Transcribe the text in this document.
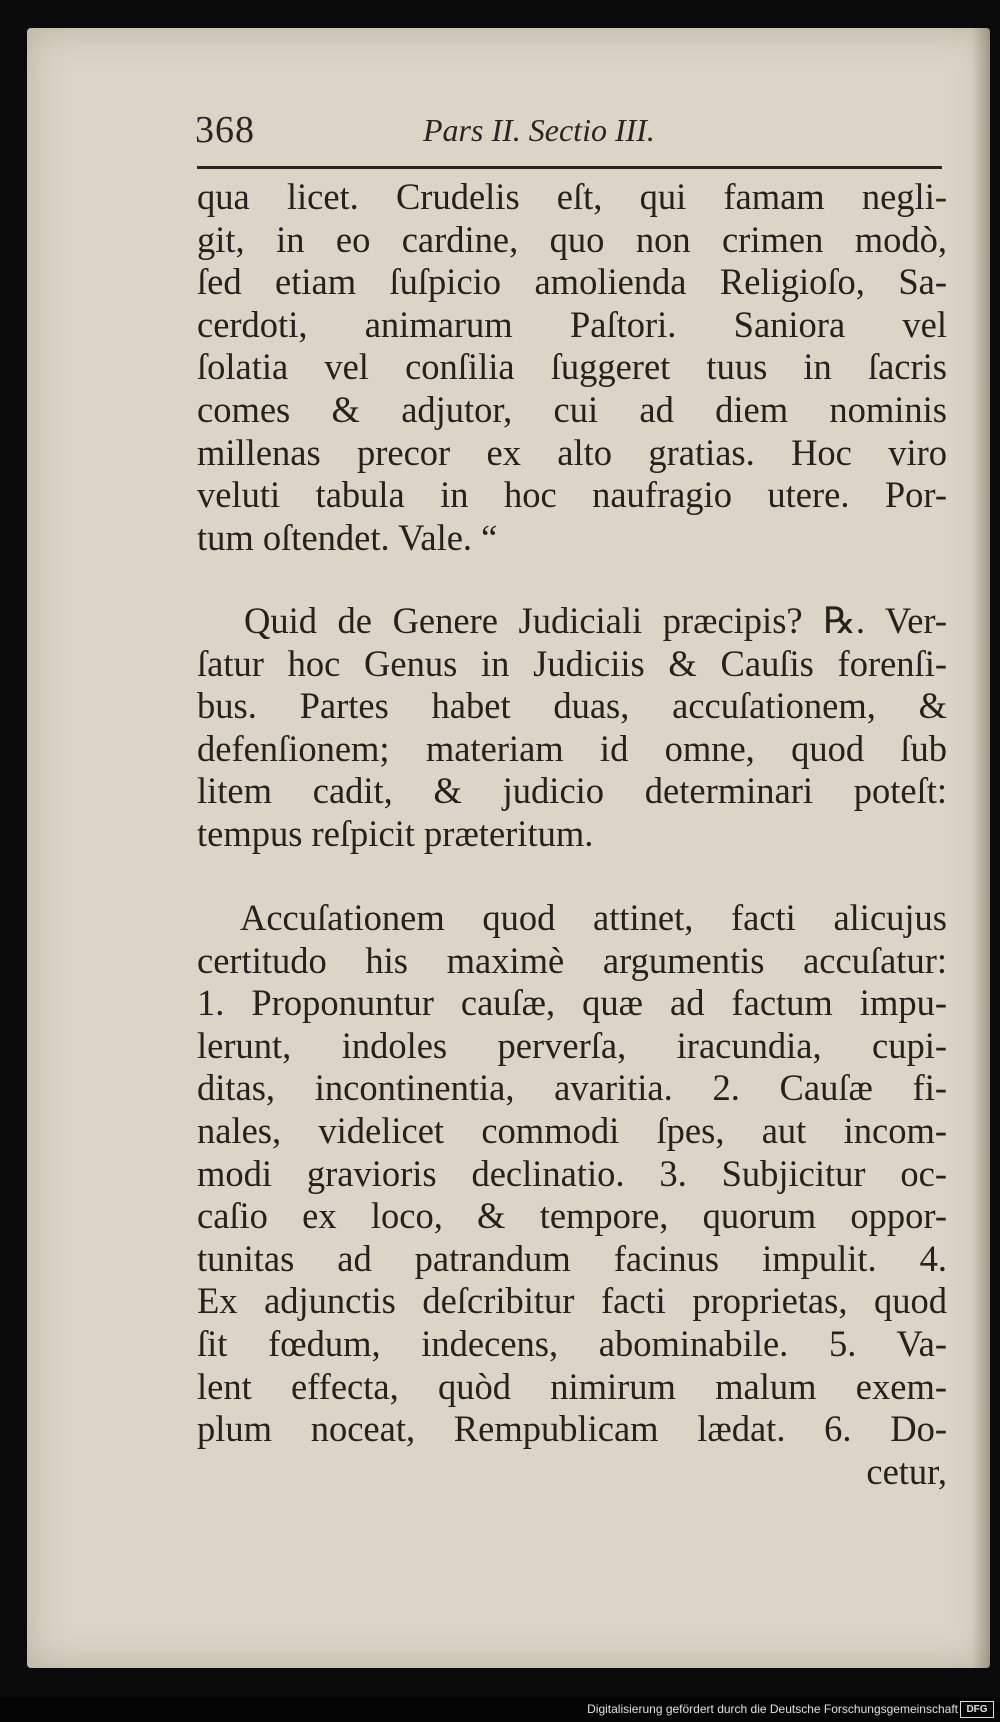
368	Pars II. Sectio III.
qua licet. Crudelis eſt, qui famam negli-
git, in eo cardine, quo non crimen modò,
ſed etiam ſuſpicio amolienda Religioſo, Sa-
cerdoti, animarum Paſtori. Saniora vel
ſolatia vel conſilia ſuggeret tuus in ſacris
comes & adjutor, cui ad diem nominis
millenas precor ex alto gratias. Hoc viro
veluti tabula in hoc naufragio utere. Por-
tum oſtendet. Vale. “
Quid de Genere Judiciali præcipis? ℞. Ver-
ſatur hoc Genus in Judiciis & Cauſis forenſi-
bus. Partes habet duas, accuſationem, &
defenſionem; materiam id omne, quod ſub
litem cadit, & judicio determinari poteſt:
tempus reſpicit præteritum.
Accuſationem quod attinet, facti alicujus
certitudo his maximè argumentis accuſatur:
1. Proponuntur cauſæ, quæ ad factum impu-
lerunt, indoles perverſa, iracundia, cupi-
ditas, incontinentia, avaritia. 2. Cauſæ fi-
nales, videlicet commodi ſpes, aut incom-
modi gravioris declinatio. 3. Subjicitur oc-
caſio ex loco, & tempore, quorum oppor-
tunitas ad patrandum facinus impulit. 4.
Ex adjunctis deſcribitur facti proprietas, quod
ſit fœdum, indecens, abominabile. 5. Va-
lent effecta, quòd nimirum malum exem-
plum noceat, Rempublicam lædat. 6. Do-
cetur,
Digitalisierung gefördert durch die Deutsche Forschungsgemeinschaft DFG
